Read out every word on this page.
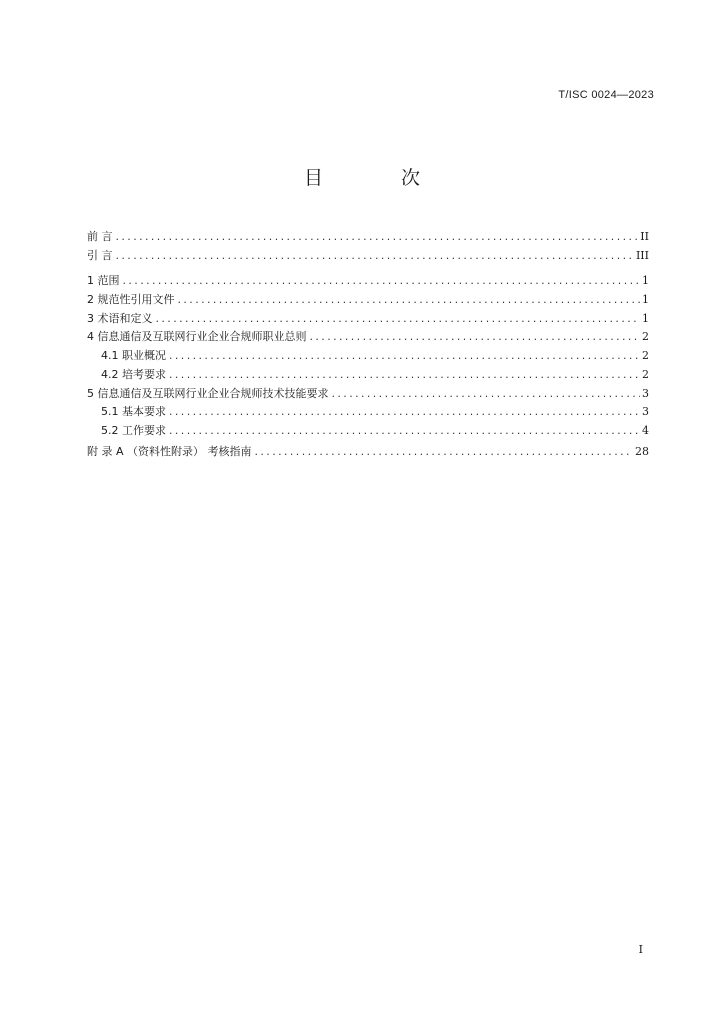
T/ISC 0024—2023
目 次
前 言 .....	II
引 言 .....	III
1 范围 .....	1
2 规范性引用文件 .....	1
3 术语和定义 .....	1
4 信息通信及互联网行业企业合规师职业总则 .....	2
4.1 职业概况 .....	2
4.2 培考要求 .....	2
5 信息通信及互联网行业企业合规师技术技能要求 .....	3
5.1 基本要求 .....	3
5.2 工作要求 .....	4
附 录 A （资料性附录） 考核指南 .....	28
I
